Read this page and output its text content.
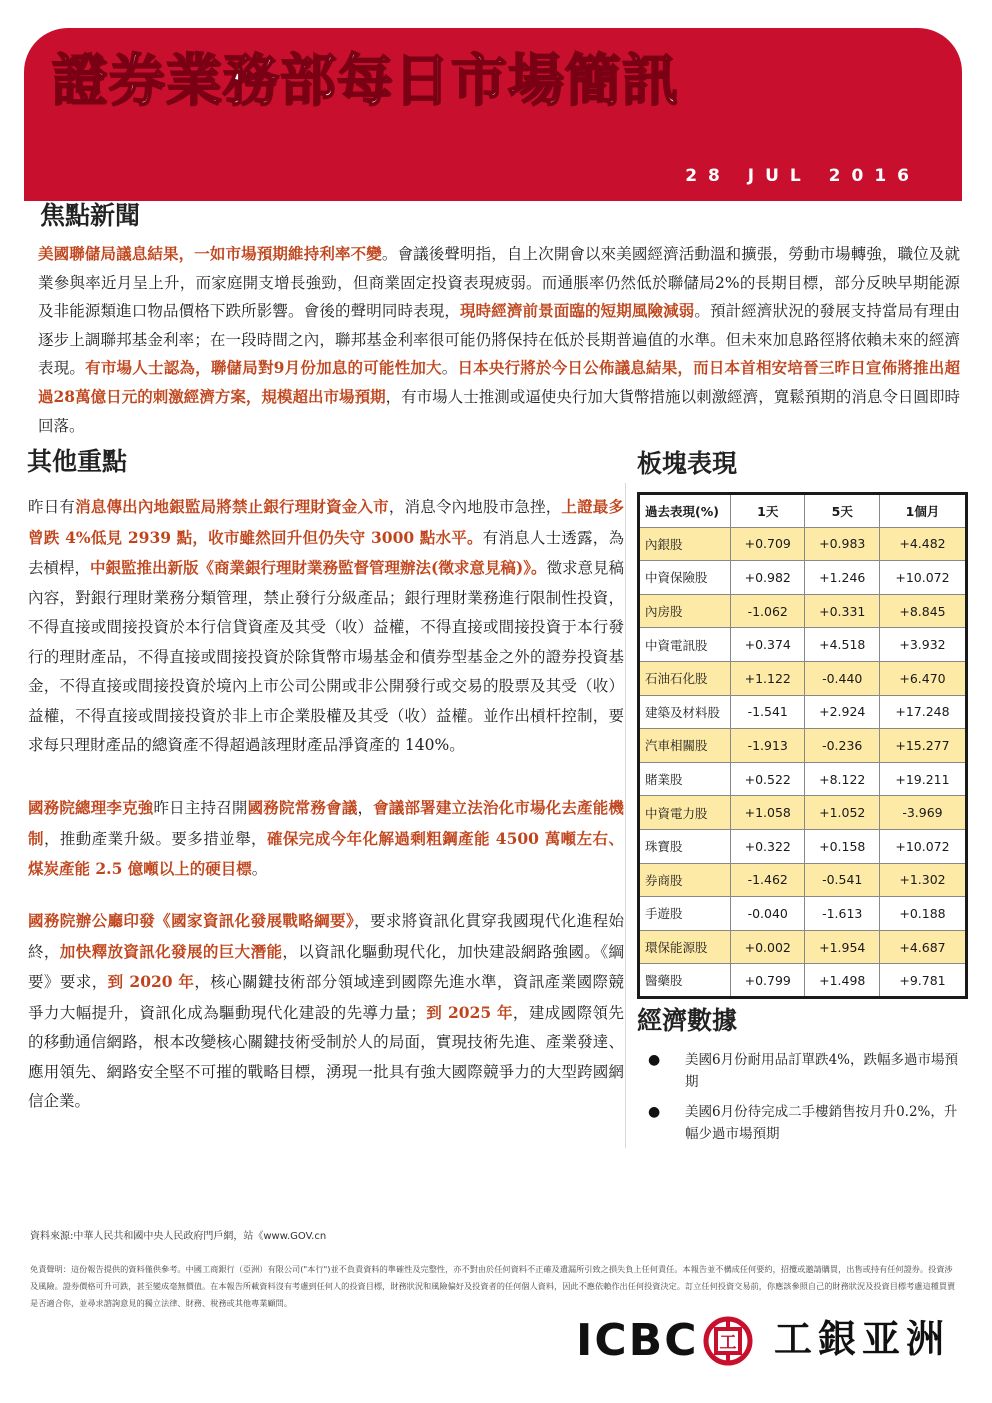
證券業務部每日市場簡訊
28 JUL 2016
焦點新聞
美國聯儲局議息結果，一如市場預期維持利率不變。會議後聲明指，自上次開會以來美國經濟活動溫和擴張，勞動市場轉強，職位及就業參與率近月呈上升，而家庭開支增長強勁，但商業固定投資表現疲弱。而通脹率仍然低於聯儲局2%的長期目標，部分反映早期能源及非能源類進口物品價格下跌所影響。會後的聲明同時表現，現時經濟前景面臨的短期風險減弱。預計經濟狀況的發展支持當局有理由逐步上調聯邦基金利率；在一段時間之內，聯邦基金利率很可能仍將保持在低於長期普遍值的水準。但未來加息路徑將依賴未來的經濟表現。有市場人士認為，聯儲局對9月份加息的可能性加大。日本央行將於今日公佈議息結果，而日本首相安培晉三昨日宣佈將推出超過28萬億日元的刺激經濟方案，規模超出市場預期，有市場人士推測或逼使央行加大貨幣措施以刺激經濟，寬鬆預期的消息令日圓即時回落。
其他重點
昨日有消息傳出內地銀監局將禁止銀行理財資金入市，消息令內地股市急挫，上證最多曾跌 4%低見 2939 點，收市雖然回升但仍失守 3000 點水平。有消息人士透露，為去槓桿，中銀監推出新版《商業銀行理財業務監督管理辦法(徵求意見稿)》。徵求意見稿內容，對銀行理財業務分類管理，禁止發行分級產品；銀行理財業務進行限制性投資，不得直接或間接投資於本行信貸資產及其受（收）益權，不得直接或間接投資于本行發行的理財產品，不得直接或間接投資於除貨幣市場基金和債券型基金之外的證券投資基金，不得直接或間接投資於境內上市公司公開或非公開發行或交易的股票及其受（收）益權，不得直接或間接投資於非上市企業股權及其受（收）益權。並作出槓杆控制，要求每只理財產品的總資產不得超過該理財產品淨資產的 140%。
國務院總理李克強昨日主持召開國務院常務會議，會議部署建立法治化市場化去產能機制，推動產業升級。要多措並舉，確保完成今年化解過剩粗鋼產能 4500 萬噸左右、煤炭產能 2.5 億噸以上的硬目標。
國務院辦公廳印發《國家資訊化發展戰略綱要》，要求將資訊化貫穿我國現代化進程始終，加快釋放資訊化發展的巨大潛能，以資訊化驅動現代化，加快建設網路強國。《綱要》要求，到 2020 年，核心關鍵技術部分領域達到國際先進水準，資訊產業國際競爭力大幅提升，資訊化成為驅動現代化建設的先導力量；到 2025 年，建成國際領先的移動通信網路，根本改變核心關鍵技術受制於人的局面，實現技術先進、產業發達、應用領先、網路安全堅不可摧的戰略目標，湧現一批具有強大國際競爭力的大型跨國網信企業。
板塊表現
過去表現(%)	1天	5天	1個月
內銀股	+0.709	+0.983	+4.482
中資保險股	+0.982	+1.246	+10.072
內房股	-1.062	+0.331	+8.845
中資電訊股	+0.374	+4.518	+3.932
石油石化股	+1.122	-0.440	+6.470
建築及材料股	-1.541	+2.924	+17.248
汽車相關股	-1.913	-0.236	+15.277
賭業股	+0.522	+8.122	+19.211
中資電力股	+1.058	+1.052	-3.969
珠寶股	+0.322	+0.158	+10.072
券商股	-1.462	-0.541	+1.302
手遊股	-0.040	-1.613	+0.188
環保能源股	+0.002	+1.954	+4.687
醫藥股	+0.799	+1.498	+9.781
經濟數據
● 美國6月份耐用品訂單跌4%，跌幅多過市場預期
● 美國6月份待完成二手樓銷售按月升0.2%，升幅少過市場預期
資料來源:中華人民共和國中央人民政府門戶網，站《www.GOV.cn
免責聲明：這份報告提供的資料僅供參考。中國工商銀行（亞洲）有限公司("本行")並不負責資料的準確性及完整性，亦不對由於任何資料不正確及遺漏所引致之損失負上任何責任。本報告並不構成任何要約，招攬或邀請購買，出售或持有任何證券。投資涉及風險。證券價格可升可跌，甚至變成毫無價值。在本報告所載資料沒有考慮到任何人的投資目標，財務狀況和風險偏好及投資者的任何個人資料，因此不應依賴作出任何投資決定。訂立任何投資交易前，你應該參照自己的財務狀況及投資目標考慮這種買賣是否適合你，並尋求諮詢意見的獨立法律、財務、稅務或其他專業顧問。
ICBC 工 工銀亚洲
